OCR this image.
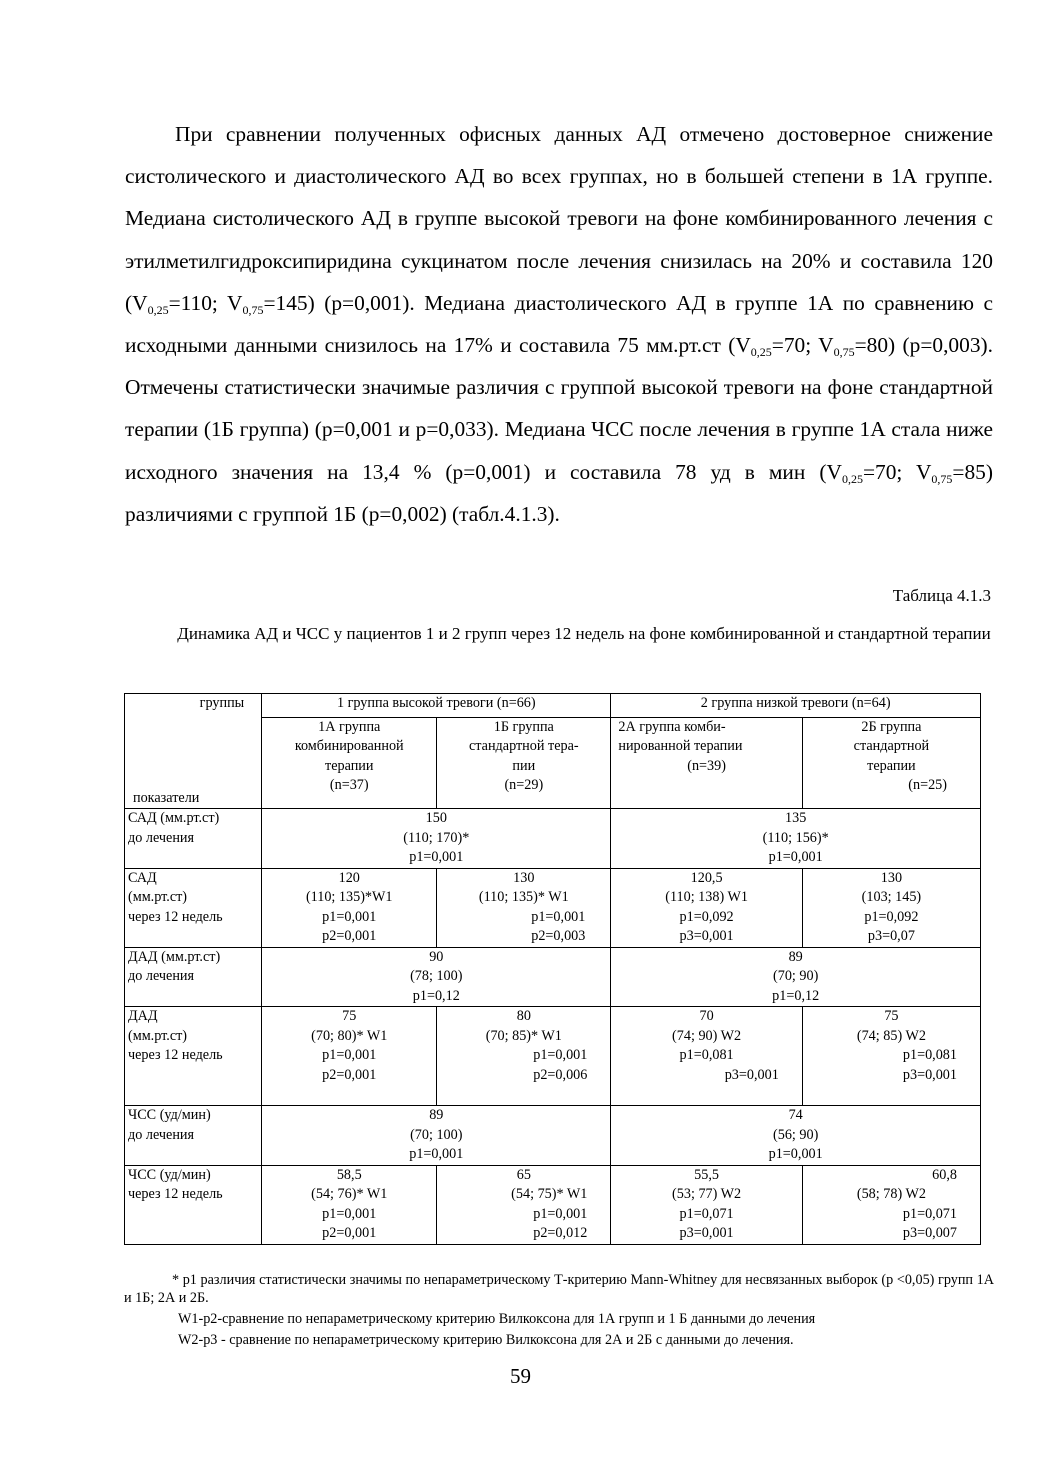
При сравнении полученных офисных данных АД отмечено достоверное снижение систолического и диастолического АД во всех группах, но в большей степени в 1А группе. Медиана систолического АД в группе высокой тревоги на фоне комбинированного лечения с этилметилгидроксипиридина сукцинатом после лечения снизилась на 20% и составила 120 ($V_{0,25}=110$; $V_{0,75}=145$) (p=0,001). Медиана диастолического АД в группе 1А по сравнению с исходными данными снизилось на 17% и составила 75 мм.рт.ст ($V_{0,25}=70$; $V_{0,75}=80$) (p=0,003). Отмечены статистически значимые различия с группой высокой тревоги на фоне стандартной терапии (1Б группа) (p=0,001 и p=0,033). Медиана ЧСС после лечения в группе 1А стала ниже исходного значения на 13,4 % (p=0,001) и составила 78 уд в мин ($V_{0,25}=70$; $V_{0,75}=85$) различиями с группой 1Б (p=0,002) (табл.4.1.3).
Таблица 4.1.3
Динамика АД и ЧСС у пациентов 1 и 2 групп через 12 недель на фоне комбинированной и стандартной терапии
группы
показатели	1 группа высокой тревоги (n=66)		2 группа низкой тревоги (n=64)	

	1А группа
комбинированной
терапии
(n=37)	1Б группа
стандартной тера-
пии
(n=29)	2А группа комби-
нированной терапии
(n=39)	2Б группа
стандартной
терапии
(n=25)

САД (мм.рт.ст)
до лечения	150
(110; 170)*
p1=0,001		135
(110; 156)*
p1=0,001	

САД
(мм.рт.ст)
через 12 недель	120
(110; 135)*W1
p1=0,001
p2=0,001	130
(110; 135)* W1
p1=0,001
p2=0,003	120,5
(110; 138) W1
p1=0,092
p3=0,001	130
(103; 145)
p1=0,092
p3=0,07

ДАД (мм.рт.ст)
до лечения	90
(78; 100)
p1=0,12		89
(70; 90)
p1=0,12	

ДАД
(мм.рт.ст)
через 12 недель	75
(70; 80)* W1
p1=0,001
p2=0,001	80
(70; 85)* W1
p1=0,001
p2=0,006	70
(74; 90) W2
p1=0,081
p3=0,001	75
(74; 85) W2
p1=0,081
p3=0,001

ЧСС (уд/мин)
до лечения	89
(70; 100)
p1=0,001		74
(56; 90)
p1=0,001	

ЧСС (уд/мин)
через 12 недель	58,5
(54; 76)* W1
p1=0,001
p2=0,001	65
(54; 75)* W1
p1=0,001
p2=0,012	55,5
(53; 77) W2
p1=0,071
p3=0,001	60,8
(58; 78) W2
p1=0,071
p3=0,007
* p1 различия статистически значимы по непараметрическому Т-критерию Mann-Whitney для несвязанных выборок (р <0,05) групп 1А и 1Б; 2А и 2Б.
W1-p2-сравнение по непараметрическому критерию Вилкоксона для 1А групп и 1 Б данными до лечения
W2-p3 - сравнение по непараметрическому критерию Вилкоксона для 2А и 2Б с данными до лечения.
59
